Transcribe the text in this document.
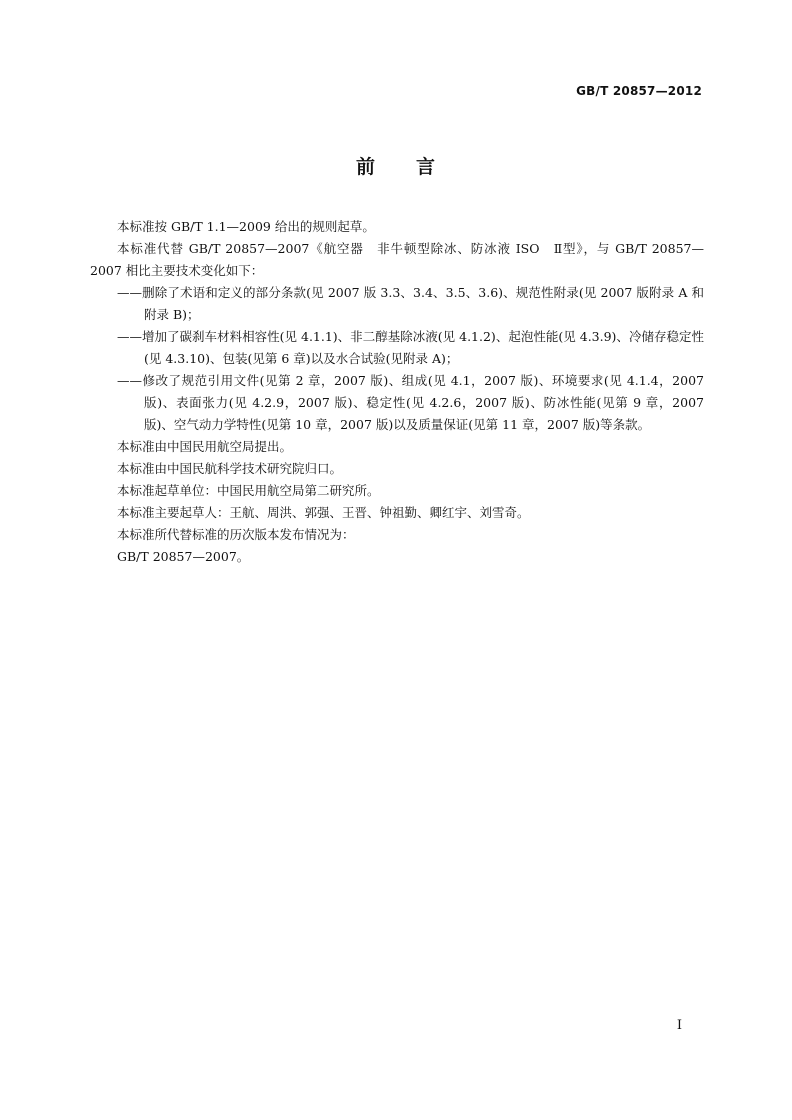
GB/T 20857—2012
前　　言

本标准按 GB/T 1.1—2009 给出的规则起草。

本标准代替 GB/T 20857—2007《航空器　非牛顿型除冰、防冰液 ISO　Ⅱ型》，与 GB/T 20857—2007 相比主要技术变化如下：

——删除了术语和定义的部分条款(见 2007 版 3.3、3.4、3.5、3.6)、规范性附录(见 2007 版附录 A 和附录 B)；

——增加了碳刹车材料相容性(见 4.1.1)、非二醇基除冰液(见 4.1.2)、起泡性能(见 4.3.9)、冷储存稳定性(见 4.3.10)、包装(见第 6 章)以及水合试验(见附录 A)；

——修改了规范引用文件(见第 2 章，2007 版)、组成(见 4.1，2007 版)、环境要求(见 4.1.4，2007 版)、表面张力(见 4.2.9，2007 版)、稳定性(见 4.2.6，2007 版)、防冰性能(见第 9 章，2007 版)、空气动力学特性(见第 10 章，2007 版)以及质量保证(见第 11 章，2007 版)等条款。

本标准由中国民用航空局提出。

本标准由中国民航科学技术研究院归口。

本标准起草单位：中国民用航空局第二研究所。

本标准主要起草人：王航、周洪、郭强、王晋、钟祖勤、卿红宇、刘雪奇。

本标准所代替标准的历次版本发布情况为：

GB/T 20857—2007。

I
